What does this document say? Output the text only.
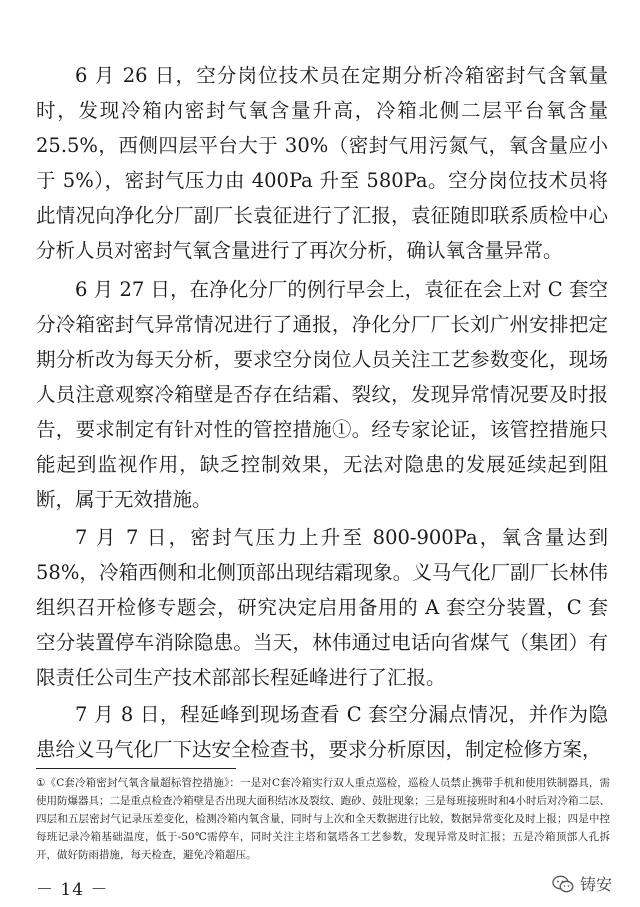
6 月 26 日，空分岗位技术员在定期分析冷箱密封气含氧量时，发现冷箱内密封气氧含量升高，冷箱北侧二层平台氧含量25.5%，西侧四层平台大于 30%（密封气用污氮气，氧含量应小于 5%），密封气压力由 400Pa 升至 580Pa。空分岗位技术员将此情况向净化分厂副厂长袁征进行了汇报，袁征随即联系质检中心分析人员对密封气氧含量进行了再次分析，确认氧含量异常。

6 月 27 日，在净化分厂的例行早会上，袁征在会上对 C 套空分冷箱密封气异常情况进行了通报，净化分厂厂长刘广州安排把定期分析改为每天分析，要求空分岗位人员关注工艺参数变化，现场人员注意观察冷箱壁是否存在结霜、裂纹，发现异常情况要及时报告，要求制定有针对性的管控措施①。经专家论证，该管控措施只能起到监视作用，缺乏控制效果，无法对隐患的发展延续起到阻断，属于无效措施。

7 月 7 日，密封气压力上升至 800-900Pa，氧含量达到 58%，冷箱西侧和北侧顶部出现结霜现象。义马气化厂副厂长林伟组织召开检修专题会，研究决定启用备用的 A 套空分装置，C 套空分装置停车消除隐患。当天，林伟通过电话向省煤气（集团）有限责任公司生产技术部部长程延峰进行了汇报。

7 月 8 日，程延峰到现场查看 C 套空分漏点情况，并作为隐患给义马气化厂下达安全检查书，要求分析原因，制定检修方案，

①《C套冷箱密封气氧含量超标管控措施》：一是对C套冷箱实行双人重点巡检，巡检人员禁止携带手机和使用铁制器具，需使用防爆器具；二是重点检查冷箱壁是否出现大面积结冰及裂纹、跑砂、鼓肚现象；三是每班接班时和4小时后对冷箱二层、四层和五层密封气记录压差变化，检测冷箱内氧含量，同时与上次和全天数据进行比较，数据异常变化及时上报；四是中控每班记录冷箱基础温度，低于-50℃需停车，同时关注主塔和氩塔各工艺参数，发现异常及时汇报；五是冷箱顶部人孔拆开，做好防雨措施，每天检查，避免冷箱超压。

－ 14 －	铸安
